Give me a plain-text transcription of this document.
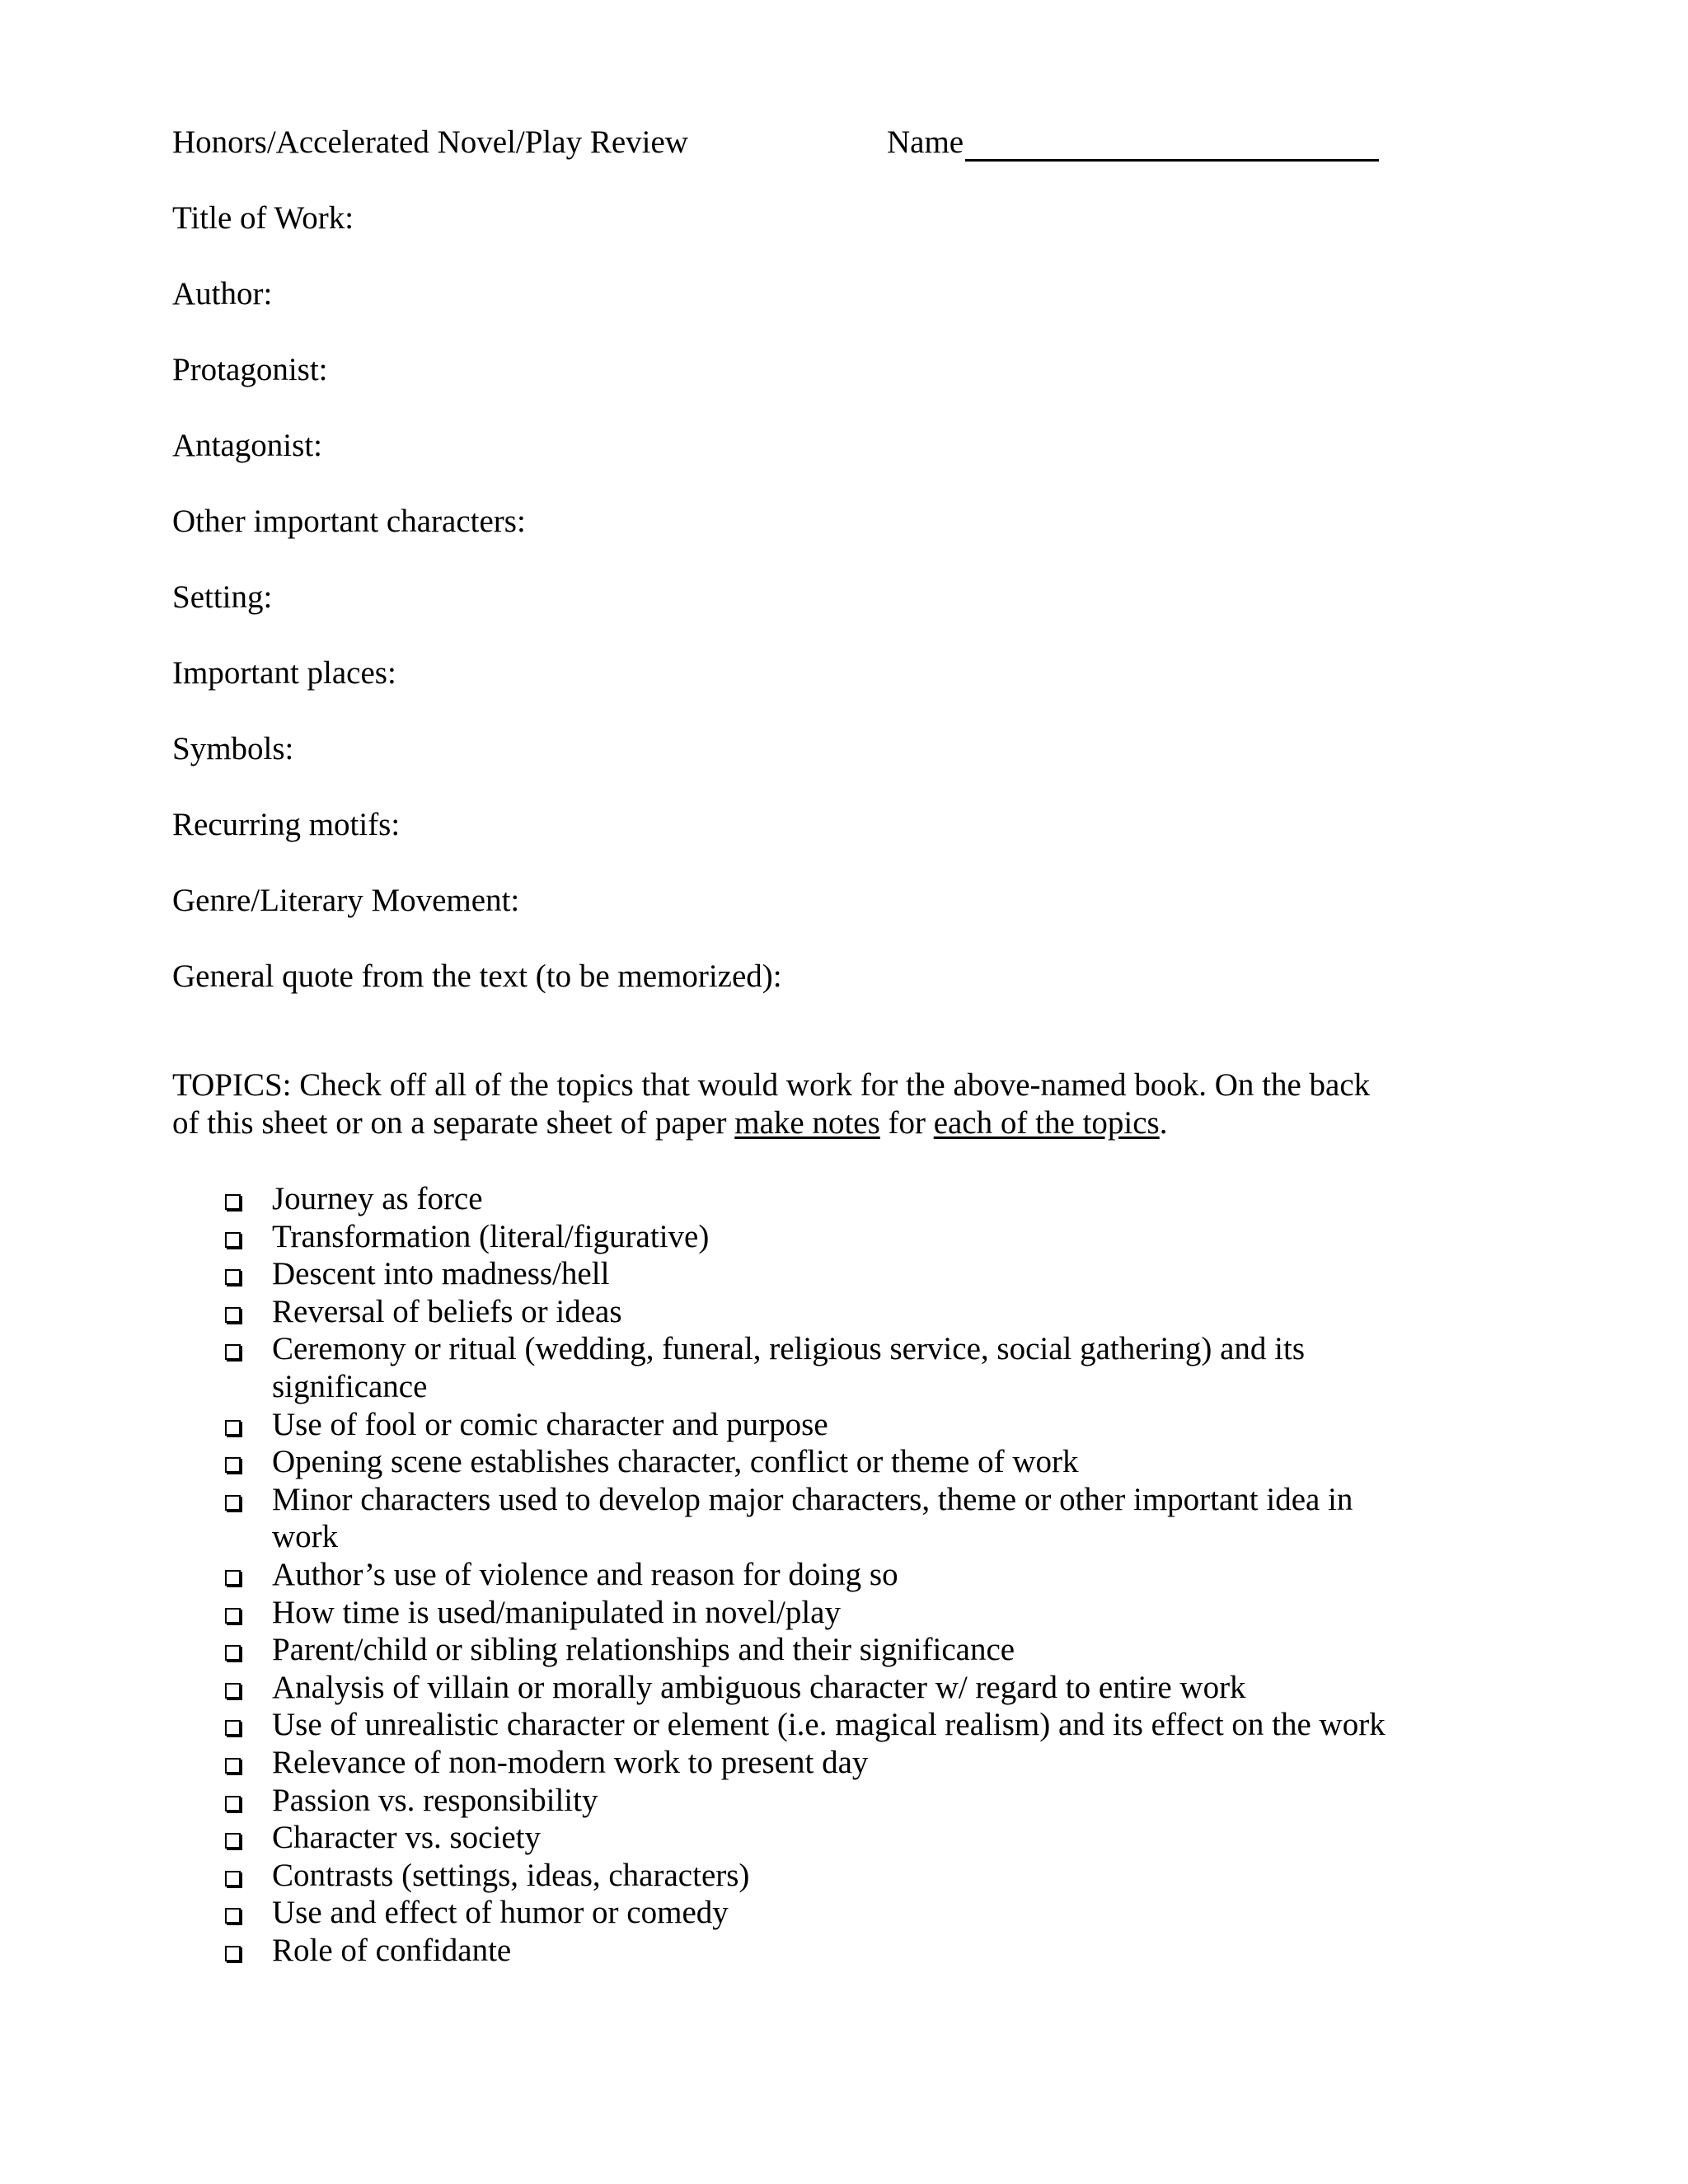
Honors/Accelerated Novel/Play Review	Name
Title of Work:
Author:
Protagonist:
Antagonist:
Other important characters:
Setting:
Important places:
Symbols:
Recurring motifs:
Genre/Literary Movement:
General quote from the text (to be memorized):

TOPICS: Check off all of the topics that would work for the above-named book. On the back

of this sheet or on a separate sheet of paper make notes for each of the topics.

Journey as force
Transformation (literal/figurative)
Descent into madness/hell
Reversal of beliefs or ideas
Ceremony or ritual (wedding, funeral, religious service, social gathering) and its
significance
Use of fool or comic character and purpose
Opening scene establishes character, conflict or theme of work
Minor characters used to develop major characters, theme or other important idea in
work
Author’s use of violence and reason for doing so
How time is used/manipulated in novel/play
Parent/child or sibling relationships and their significance
Analysis of villain or morally ambiguous character w/ regard to entire work
Use of unrealistic character or element (i.e. magical realism) and its effect on the work
Relevance of non-modern work to present day
Passion vs. responsibility
Character vs. society
Contrasts (settings, ideas, characters)
Use and effect of humor or comedy
Role of confidante
